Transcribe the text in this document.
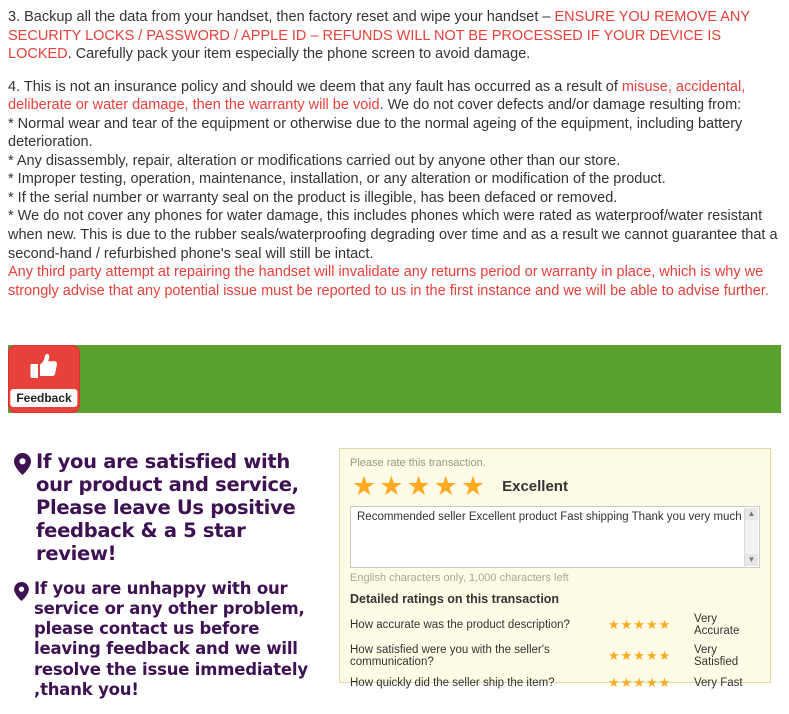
3. Backup all the data from your handset, then factory reset and wipe your handset – ENSURE YOU REMOVE ANY SECURITY LOCKS / PASSWORD / APPLE ID – REFUNDS WILL NOT BE PROCESSED IF YOUR DEVICE IS LOCKED. Carefully pack your item especially the phone screen to avoid damage.

4. This is not an insurance policy and should we deem that any fault has occurred as a result of misuse, accidental, deliberate or water damage, then the warranty will be void. We do not cover defects and/or damage resulting from:

* Normal wear and tear of the equipment or otherwise due to the normal ageing of the equipment, including battery deterioration.
* Any disassembly, repair, alteration or modifications carried out by anyone other than our store.
* Improper testing, operation, maintenance, installation, or any alteration or modification of the product.
* If the serial number or warranty seal on the product is illegible, has been defaced or removed.
* We do not cover any phones for water damage, this includes phones which were rated as waterproof/water resistant when new. This is due to the rubber seals/waterproofing degrading over time and as a result we cannot guarantee that a second-hand / refurbished phone's seal will still be intact.
Any third party attempt at repairing the handset will invalidate any returns period or warranty in place, which is why we strongly advise that any potential issue must be reported to us in the first instance and we will be able to advise further.
Feedback
If you are satisfied with our product and service, Please leave Us positive feedback & a 5 star review!
If you are unhappy with our service or any other problem, please contact us before leaving feedback and we will resolve the issue immediately ,thank you!
Please rate this transaction.
★ ★ ★ ★ ★ Excellent
Recommended seller Excellent product Fast shipping Thank you very much ▲
▼
English characters only, 1,000 characters left
Detailed ratings on this transaction
How accurate was the product description?	★★★★★	Very Accurate
How satisfied were you with the seller's communication?	★★★★★	Very Satisfied
How quickly did the seller ship the item?	★★★★★	Very Fast
